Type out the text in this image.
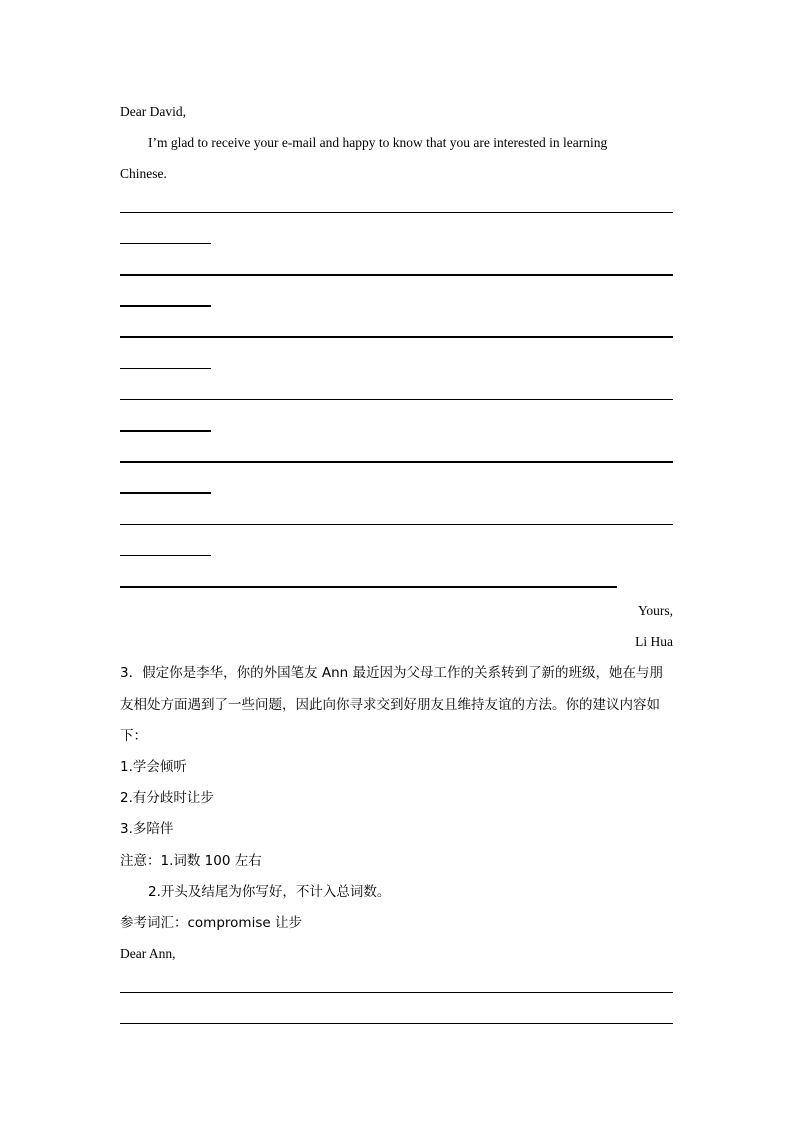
Dear David,
I’m glad to receive your e-mail and happy to know that you are interested in learning
Chinese.
Yours,
Li Hua
3．假定你是李华，你的外国笔友 Ann 最近因为父母工作的关系转到了新的班级，她在与朋
友相处方面遇到了一些问题，因此向你寻求交到好朋友且维持友谊的方法。你的建议内容如
下：
1.学会倾听
2.有分歧时让步
3.多陪伴
注意：1.词数 100 左右
2.开头及结尾为你写好，不计入总词数。
参考词汇：compromise 让步
Dear Ann,
